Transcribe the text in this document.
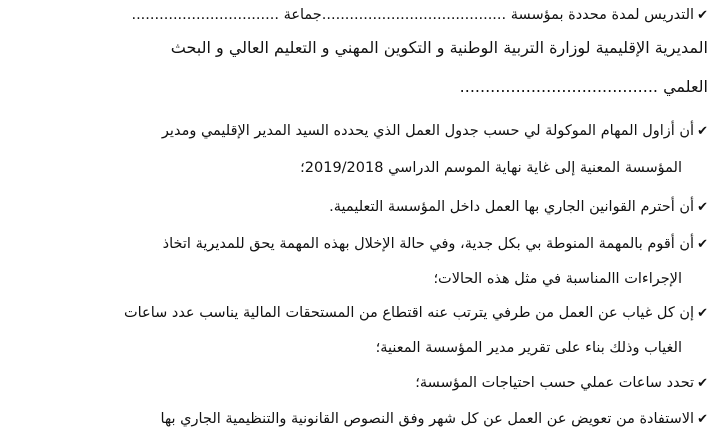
✔التدريس لمدة محددة بمؤسسة ........................................جماعة ................................
المديرية الإقليمية لوزارة التربية الوطنية و التكوين المهني و التعليم العالي و البحث
العلمي .......................................
✔أن أزاول المهام الموكولة لي حسب جدول العمل الذي يحدده السيد المدير الإقليمي ومدير
المؤسسة المعنية إلى غاية نهاية الموسم الدراسي 2019/2018؛
✔أن أحترم القوانين الجاري بها العمل داخل المؤسسة التعليمية.
✔أن أقوم بالمهمة المنوطة بي بكل جدية، وفي حالة الإخلال بهذه المهمة يحق للمديرية اتخاذ
الإجراءات االمناسبة في مثل هذه الحالات؛
✔إن كل غياب عن العمل من طرفي يترتب عنه اقتطاع من المستحقات المالية يناسب عدد ساعات
الغياب وذلك بناء على تقرير مدير المؤسسة المعنية؛
✔تحدد ساعات عملي حسب احتياجات المؤسسة؛
✔الاستفادة من تعويض عن العمل عن كل شهر وفق النصوص القانونية والتنظيمية الجاري بها
